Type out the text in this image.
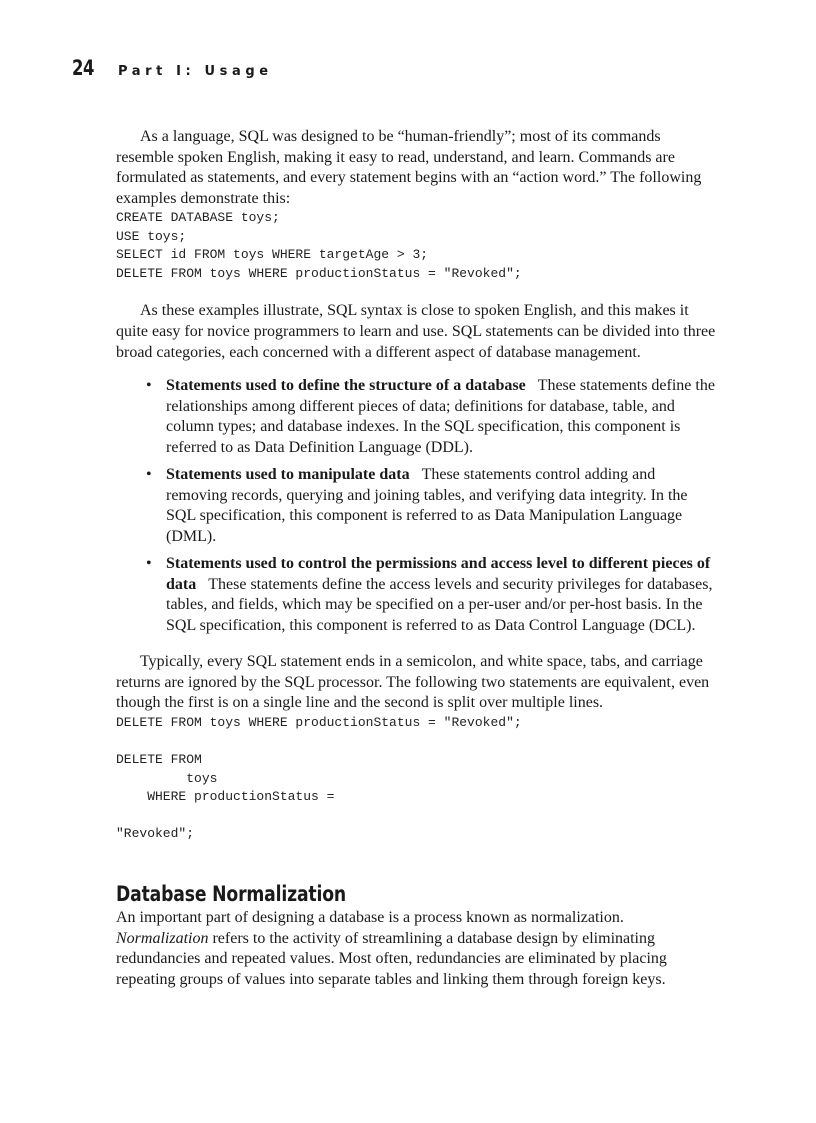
24 Part I: Usage

As a language, SQL was designed to be “human-friendly”; most of its commands resemble spoken English, making it easy to read, understand, and learn. Commands are formulated as statements, and every statement begins with an “action word.” The following examples demonstrate this:

CREATE DATABASE toys;
USE toys;
SELECT id FROM toys WHERE targetAge > 3;
DELETE FROM toys WHERE productionStatus = "Revoked";

As these examples illustrate, SQL syntax is close to spoken English, and this makes it quite easy for novice programmers to learn and use. SQL statements can be divided into three broad categories, each concerned with a different aspect of database management.

• Statements used to define the structure of a database These statements define the relationships among different pieces of data; definitions for database, table, and column types; and database indexes. In the SQL specification, this component is referred to as Data Definition Language (DDL).
• Statements used to manipulate data These statements control adding and removing records, querying and joining tables, and verifying data integrity. In the SQL specification, this component is referred to as Data Manipulation Language (DML).
• Statements used to control the permissions and access level to different pieces of data These statements define the access levels and security privileges for databases, tables, and fields, which may be specified on a per-user and/or per-host basis. In the SQL specification, this component is referred to as Data Control Language (DCL).

Typically, every SQL statement ends in a semicolon, and white space, tabs, and carriage returns are ignored by the SQL processor. The following two statements are equivalent, even though the first is on a single line and the second is split over multiple lines.

DELETE FROM toys WHERE productionStatus = "Revoked";

DELETE FROM
toys
WHERE productionStatus =

"Revoked";
Database Normalization

An important part of designing a database is a process known as normalization. Normalization refers to the activity of streamlining a database design by eliminating redundancies and repeated values. Most often, redundancies are eliminated by placing repeating groups of values into separate tables and linking them through foreign keys.
